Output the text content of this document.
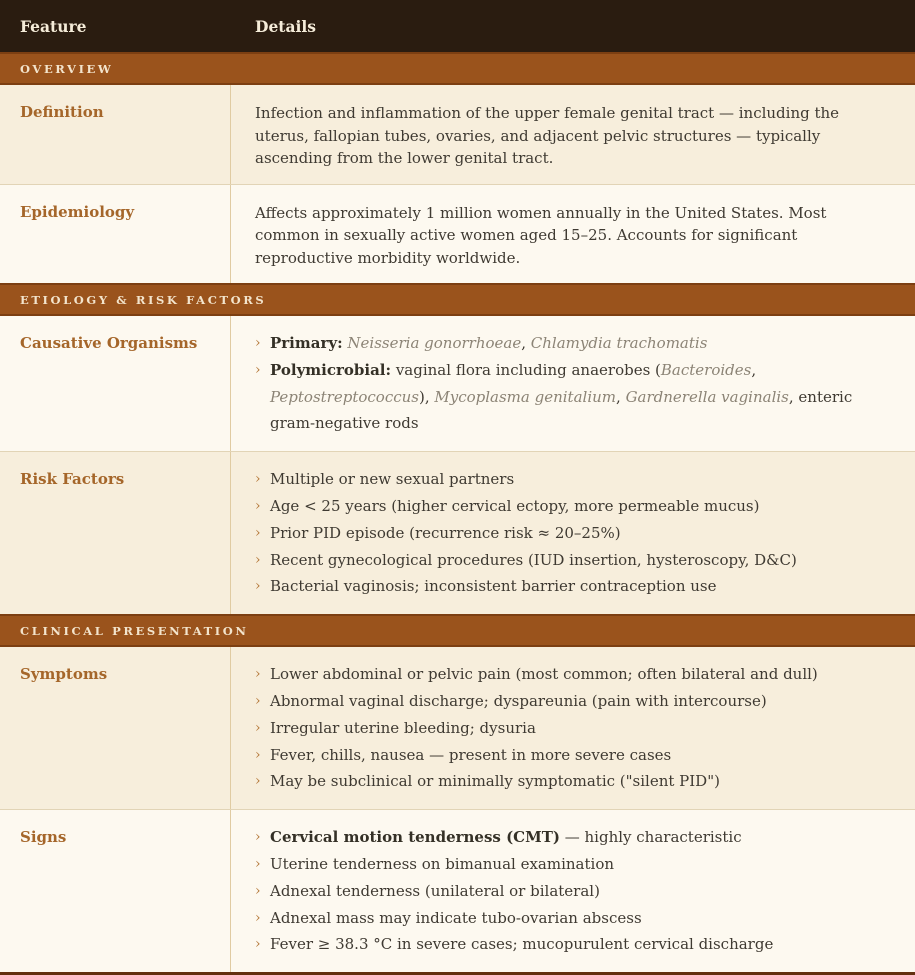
Feature	Details
OVERVIEW
Definition	Infection and inflammation of the upper female genital tract — including the uterus, fallopian tubes, ovaries, and adjacent pelvic structures — typically ascending from the lower genital tract.

Epidemiology	Affects approximately 1 million women annually in the United States. Most common in sexually active women aged 15–25. Accounts for significant reproductive morbidity worldwide.

ETIOLOGY & RISK FACTORS
Causative Organisms	› Primary: Neisseria gonorrhoeae, Chlamydia trachomatis
› Polymicrobial: vaginal flora including anaerobes (Bacteroides, Peptostreptococcus), Mycoplasma genitalium, Gardnerella vaginalis, enteric gram-negative rods
Risk Factors	› Multiple or new sexual partners
› Age < 25 years (higher cervical ectopy, more permeable mucus)
› Prior PID episode (recurrence risk ≈ 20–25%)
› Recent gynecological procedures (IUD insertion, hysteroscopy, D&C)
› Bacterial vaginosis; inconsistent barrier contraception use
CLINICAL PRESENTATION
Symptoms	› Lower abdominal or pelvic pain (most common; often bilateral and dull)
› Abnormal vaginal discharge; dyspareunia (pain with intercourse)
› Irregular uterine bleeding; dysuria
› Fever, chills, nausea — present in more severe cases
› May be subclinical or minimally symptomatic ("silent PID")
Signs	› Cervical motion tenderness (CMT) — highly characteristic
› Uterine tenderness on bimanual examination
› Adnexal tenderness (unilateral or bilateral)
› Adnexal mass may indicate tubo-ovarian abscess
› Fever ≥ 38.3 °C in severe cases; mucopurulent cervical discharge
